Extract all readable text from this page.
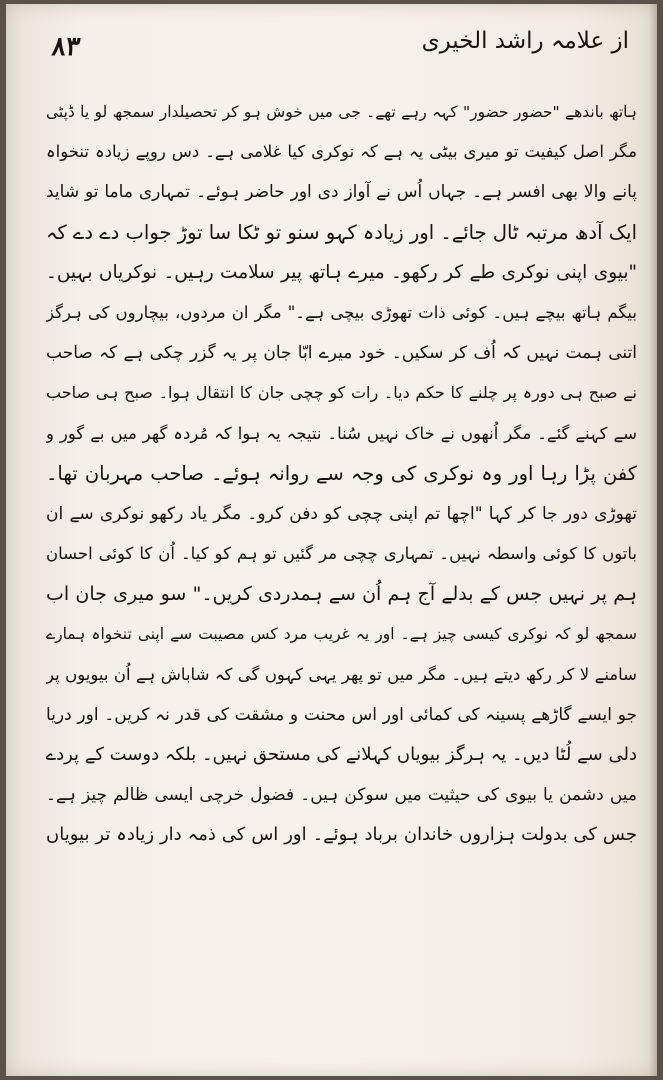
۸۳	از علامہ راشد الخیری
ہاتھ باندھے "حضور حضور" کہہ رہے تھے۔ جی میں خوش ہو کر تحصیلدار سمجھ لو یا ڈپٹی
مگر اصل کیفیت تو میری بیٹی یہ ہے کہ نوکری کیا غلامی ہے۔ دس روپے زیادہ تنخواہ
پانے والا بھی افسر ہے۔ جہاں اُس نے آواز دی اور حاضر ہوئے۔ تمہاری ماما تو شاید
ایک آدھ مرتبہ ٹال جائے۔ اور زیادہ کہو سنو تو ٹکا سا توڑ جواب دے دے کہ
"بیوی اپنی نوکری طے کر رکھو۔ میرے ہاتھ پیر سلامت رہیں۔ نوکریاں بہیں۔
بیگم ہاتھ بیچے ہیں۔ کوئی ذات تھوڑی بیچی ہے۔" مگر ان مردوں، بیچاروں کی ہرگز
اتنی ہمت نہیں کہ اُف کر سکیں۔ خود میرے ابّا جان پر یہ گزر چکی ہے کہ صاحب
نے صبح ہی دورہ پر چلنے کا حکم دیا۔ رات کو چچی جان کا انتقال ہوا۔ صبح ہی صاحب
سے کہنے گئے۔ مگر اُنھوں نے خاک نہیں سُنا۔ نتیجہ یہ ہوا کہ مُردہ گھر میں بے گور و
کفن پڑا رہا اور وہ نوکری کی وجہ سے روانہ ہوئے۔ صاحب مہربان تھا۔
تھوڑی دور جا کر کہا "اچھا تم اپنی چچی کو دفن کرو۔ مگر یاد رکھو نوکری سے ان
باتوں کا کوئی واسطہ نہیں۔ تمہاری چچی مر گئیں تو ہم کو کیا۔ اُن کا کوئی احسان
ہم پر نہیں جس کے بدلے آج ہم اُن سے ہمدردی کریں۔" سو میری جان اب
سمجھ لو کہ نوکری کیسی چیز ہے۔ اور یہ غریب مرد کس مصیبت سے اپنی تنخواہ ہمارے
سامنے لا کر رکھ دیتے ہیں۔ مگر میں تو پھر یہی کہوں گی کہ شاباش ہے اُن بیویوں پر
جو ایسے گاڑھے پسینہ کی کمائی اور اس محنت و مشقت کی قدر نہ کریں۔ اور دریا
دلی سے لُٹا دیں۔ یہ ہرگز بیویاں کہلانے کی مستحق نہیں۔ بلکہ دوست کے پردے
میں دشمن یا بیوی کی حیثیت میں سوکن ہیں۔ فضول خرچی ایسی ظالم چیز ہے۔
جس کی بدولت ہزاروں خاندان برباد ہوئے۔ اور اس کی ذمہ دار زیادہ تر بیویاں
